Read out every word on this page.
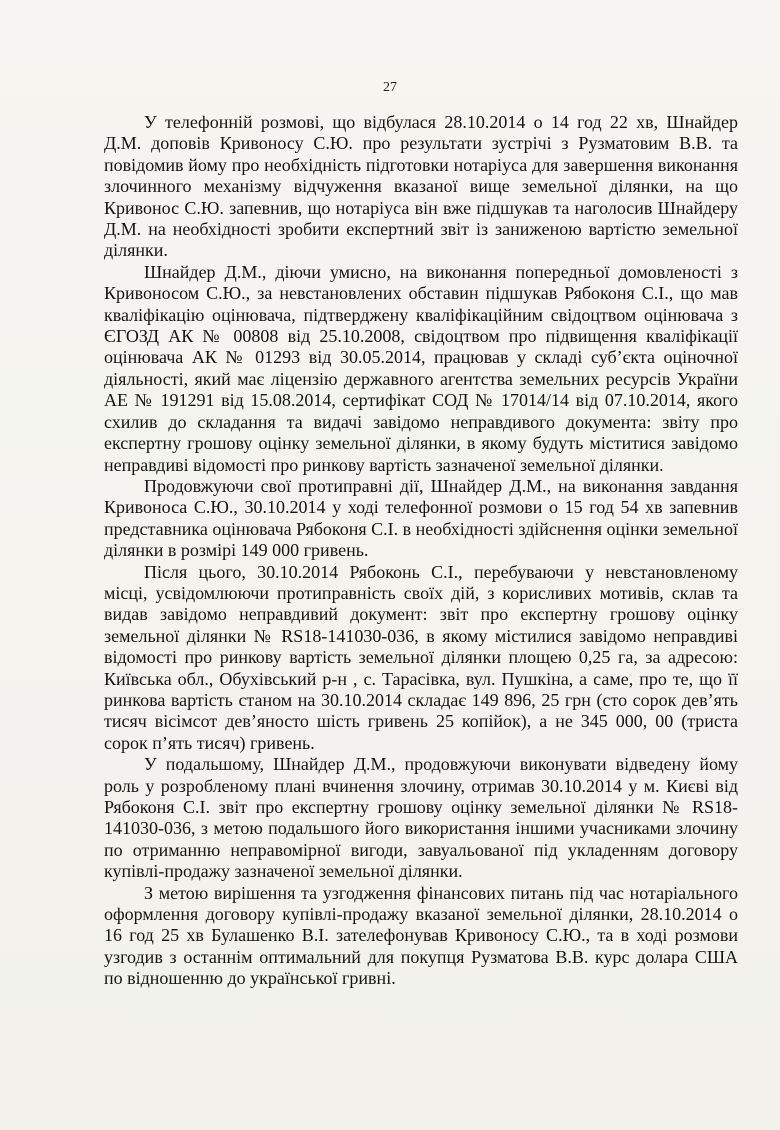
27

У телефонній розмові, що відбулася 28.10.2014 о 14 год 22 хв, Шнайдер Д.М. доповів Кривоносу С.Ю. про результати зустрічі з Рузматовим В.В. та повідомив йому про необхідність підготовки нотаріуса для завершення виконання злочинного механізму відчуження вказаної вище земельної ділянки, на що Кривонос С.Ю. запевнив, що нотаріуса він вже підшукав та наголосив Шнайдеру Д.М. на необхідності зробити експертний звіт із заниженою вартістю земельної ділянки.

Шнайдер Д.М., діючи умисно, на виконання попередньої домовленості з Кривоносом С.Ю., за невстановлених обставин підшукав Рябоконя С.І., що мав кваліфікацію оцінювача, підтверджену кваліфікаційним свідоцтвом оцінювача з ЄГОЗД АК № 00808 від 25.10.2008, свідоцтвом про підвищення кваліфікації оцінювача АК № 01293 від 30.05.2014, працював у складі суб’єкта оціночної діяльності, який має ліцензію державного агентства земельних ресурсів України АЕ № 191291 від 15.08.2014, сертифікат СОД № 17014/14 від 07.10.2014, якого схилив до складання та видачі завідомо неправдивого документа: звіту про експертну грошову оцінку земельної ділянки, в якому будуть міститися завідомо неправдиві відомості про ринкову вартість зазначеної земельної ділянки.

Продовжуючи свої протиправні дії, Шнайдер Д.М., на виконання завдання Кривоноса С.Ю., 30.10.2014 у ході телефонної розмови о 15 год 54 хв запевнив представника оцінювача Рябоконя С.І. в необхідності здійснення оцінки земельної ділянки в розмірі 149 000 гривень.

Після цього, 30.10.2014 Рябоконь С.І., перебуваючи у невстановленому місці, усвідомлюючи протиправність своїх дій, з корисливих мотивів, склав та видав завідомо неправдивий документ: звіт про експертну грошову оцінку земельної ділянки № RS18-141030-036, в якому містилися завідомо неправдиві відомості про ринкову вартість земельної ділянки площею 0,25 га, за адресою: Київська обл., Обухівський р-н , с. Тарасівка, вул. Пушкіна, а саме, про те, що її ринкова вартість станом на 30.10.2014 складає 149 896, 25 грн (сто сорок дев’ять тисяч вісімсот дев’яносто шість гривень 25 копійок), а не 345 000, 00 (триста сорок п’ять тисяч) гривень.

У подальшому, Шнайдер Д.М., продовжуючи виконувати відведену йому роль у розробленому плані вчинення злочину, отримав 30.10.2014 у м. Києві від Рябоконя С.І. звіт про експертну грошову оцінку земельної ділянки № RS18-141030-036, з метою подальшого його використання іншими учасниками злочину по отриманню неправомірної вигоди, завуальованої під укладенням договору купівлі-продажу зазначеної земельної ділянки.

З метою вирішення та узгодження фінансових питань під час нотаріального оформлення договору купівлі-продажу вказаної земельної ділянки, 28.10.2014 о 16 год 25 хв Булашенко В.І. зателефонував Кривоносу С.Ю., та в ході розмови узгодив з останнім оптимальний для покупця Рузматова В.В. курс долара США по відношенню до української гривні.
